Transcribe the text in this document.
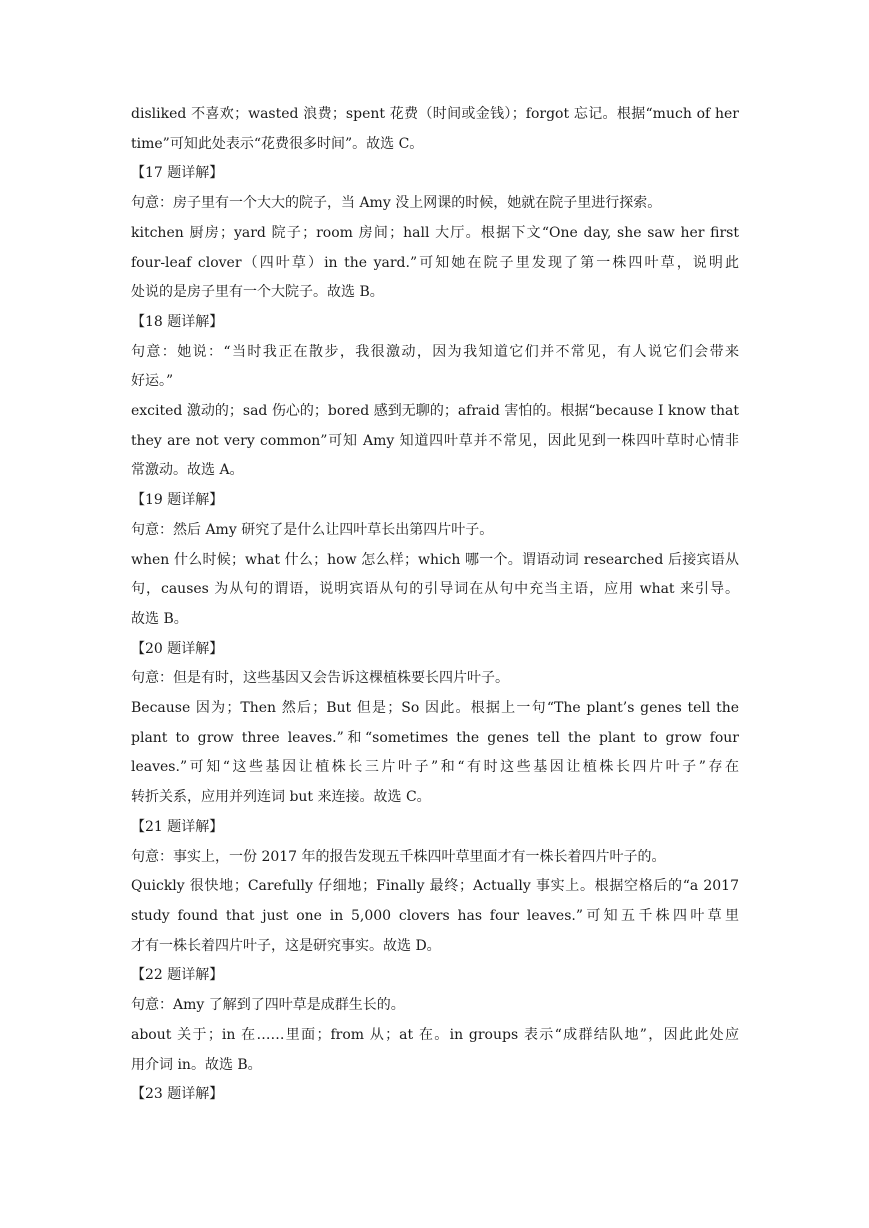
disliked 不喜欢；wasted 浪费；spent 花费（时间或金钱）；forgot 忘记。根据“much of her

time”可知此处表示“花费很多时间”。故选 C。

【17 题详解】

句意：房子里有一个大大的院子，当 Amy 没上网课的时候，她就在院子里进行探索。

kitchen 厨房；yard 院子；room 房间；hall 大厅。根据下文“One day, she saw her first

four-leaf clover（四叶草）in the yard.”可知她在院子里发现了第一株四叶草，说明此

处说的是房子里有一个大院子。故选 B。

【18 题详解】

句意：她说：“当时我正在散步，我很激动，因为我知道它们并不常见，有人说它们会带来

好运。”

excited 激动的；sad 伤心的；bored 感到无聊的；afraid 害怕的。根据“because I know that

they are not very common”可知 Amy 知道四叶草并不常见，因此见到一株四叶草时心情非

常激动。故选 A。

【19 题详解】

句意：然后 Amy 研究了是什么让四叶草长出第四片叶子。

when 什么时候；what 什么；how 怎么样；which 哪一个。谓语动词 researched 后接宾语从

句，causes 为从句的谓语，说明宾语从句的引导词在从句中充当主语，应用 what 来引导。

故选 B。

【20 题详解】

句意：但是有时，这些基因又会告诉这棵植株要长四片叶子。

Because 因为；Then 然后；But 但是；So 因此。根据上一句“The plant’s genes tell the

plant to grow three leaves.”和“sometimes the genes tell the plant to grow four

leaves.”可知“这些基因让植株长三片叶子”和“有时这些基因让植株长四片叶子”存在

转折关系，应用并列连词 but 来连接。故选 C。

【21 题详解】

句意：事实上，一份 2017 年的报告发现五千株四叶草里面才有一株长着四片叶子的。

Quickly 很快地；Carefully 仔细地；Finally 最终；Actually 事实上。根据空格后的“a 2017

study found that just one in 5,000 clovers has four leaves.”可知五千株四叶草里

才有一株长着四片叶子，这是研究事实。故选 D。

【22 题详解】

句意：Amy 了解到了四叶草是成群生长的。

about 关于；in 在……里面；from 从；at 在。in groups 表示“成群结队地”，因此此处应

用介词 in。故选 B。

【23 题详解】
